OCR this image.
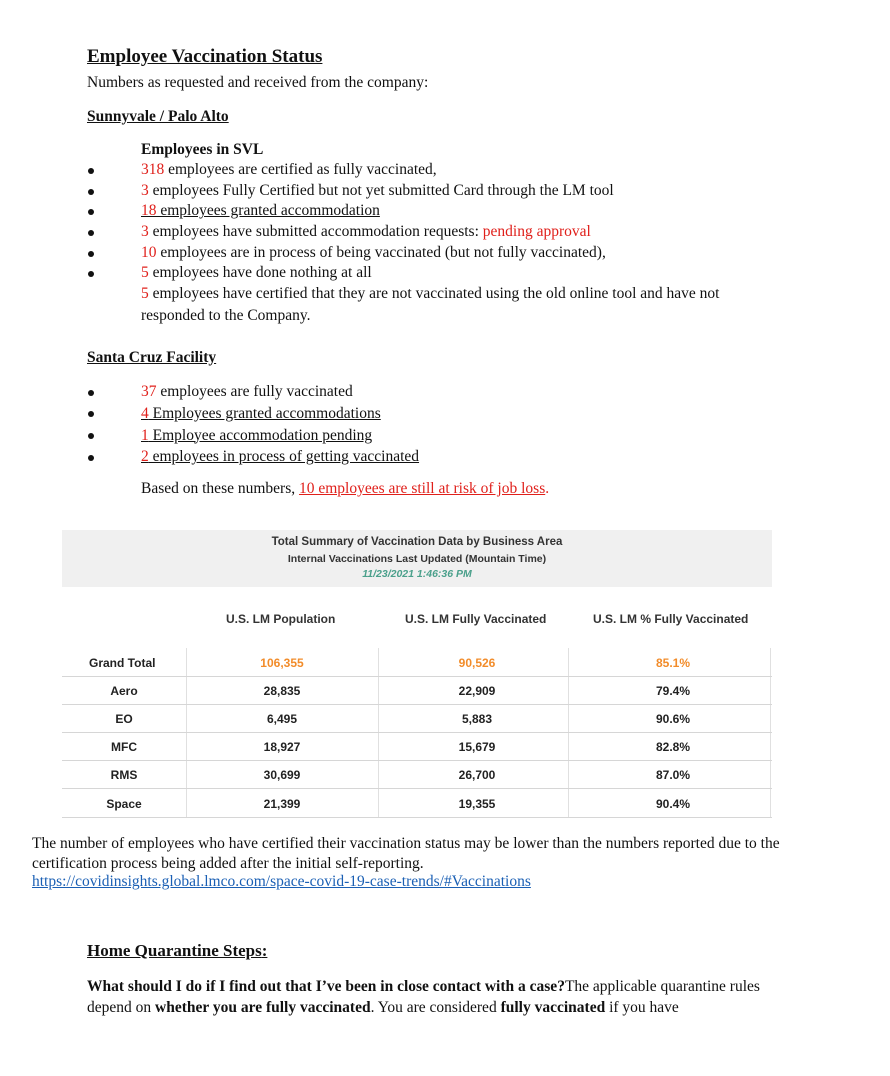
Employee Vaccination Status
Numbers as requested and received from the company:
Sunnyvale / Palo Alto
Employees in SVL
318 employees are certified as fully vaccinated,
3 employees Fully Certified but not yet submitted Card through the LM tool
18 employees granted accommodation
3 employees have submitted accommodation requests: pending approval
10 employees are in process of being vaccinated (but not fully vaccinated),
5 employees have done nothing at all
5 employees have certified that they are not vaccinated using the old online tool and have not responded to the Company.
Santa Cruz Facility
37 employees are fully vaccinated
4 Employees granted accommodations
1 Employee accommodation pending
2 employees in process of getting vaccinated
Based on these numbers, 10 employees are still at risk of job loss.
Total Summary of Vaccination Data by Business Area
Internal Vaccinations Last Updated (Mountain Time)
11/23/2021 1:46:36 PM
U.S. LM Population	U.S. LM Fully Vaccinated	U.S. LM % Fully Vaccinated
Grand Total	106,355	90,526	85.1%
Aero	28,835	22,909	79.4%
EO	6,495	5,883	90.6%
MFC	18,927	15,679	82.8%
RMS	30,699	26,700	87.0%
Space	21,399	19,355	90.4%
The number of employees who have certified their vaccination status may be lower than the numbers reported due to the certification process being added after the initial self-reporting.
https://covidinsights.global.lmco.com/space-covid-19-case-trends/#Vaccinations
Home Quarantine Steps:
What should I do if I find out that I’ve been in close contact with a case?The applicable quarantine rules depend on whether you are fully vaccinated. You are considered fully vaccinated if you have
